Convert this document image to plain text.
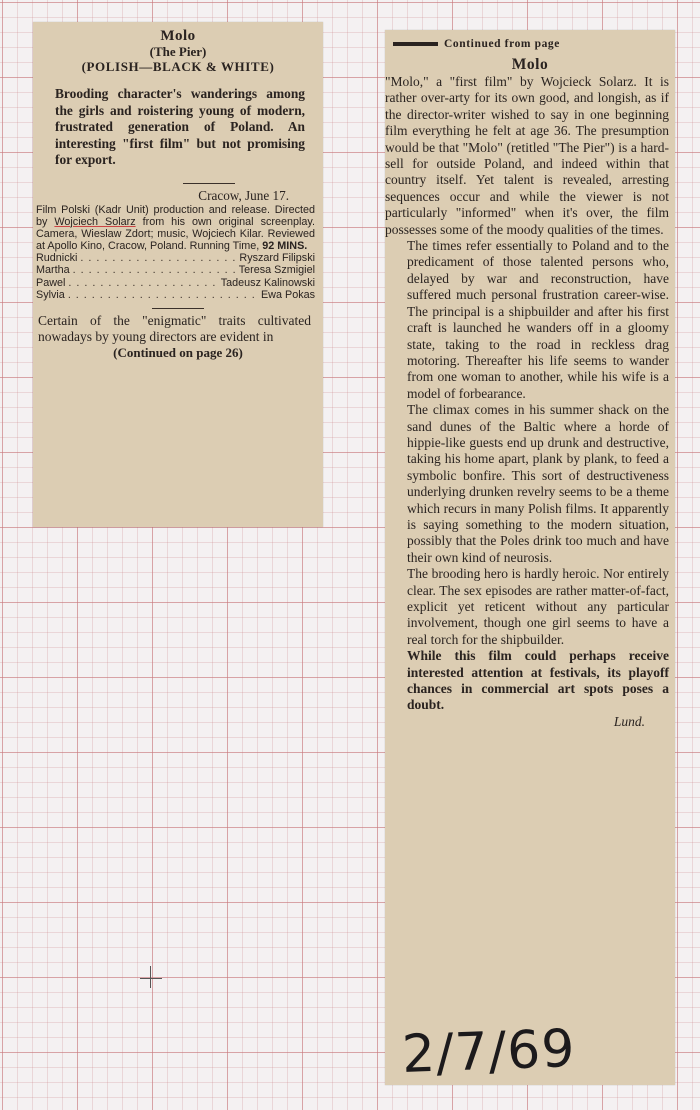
Molo
(The Pier)
(POLISH—BLACK & WHITE)
Brooding character's wanderings among the girls and roistering young of modern, frustrated generation of Poland. An interesting "first film" but not promising for export.
Cracow, June 17.
Film Polski (Kadr Unit) production and release. Directed by Wojciech Solarz from his own original screenplay. Camera, Wieslaw Zdort; music, Wojciech Kilar. Reviewed at Apollo Kino, Cracow, Poland. Running Time, 92 MINS.
Rudnicki . . .	Ryszard Filipski
Martha . . .	Teresa Szmigiel
Pawel . . .	Tadeusz Kalinowski
Sylvia . . .	Ewa Pokas
Certain of the "enigmatic" traits cultivated nowadays by young directors are evident in
(Continued on page 26)
Continued from page
Molo

"Molo," a "first film" by Wojcieck Solarz. It is rather over-arty for its own good, and longish, as if the director-writer wished to say in one beginning film everything he felt at age 36. The presumption would be that "Molo" (retitled "The Pier") is a hard-sell for outside Poland, and indeed within that country itself. Yet talent is revealed, arresting sequences occur and while the viewer is not particularly "informed" when it's over, the film possesses some of the moody qualities of the times.

The times refer essentially to Poland and to the predicament of those talented persons who, delayed by war and reconstruction, have suffered much personal frustration career-wise. The principal is a shipbuilder and after his first craft is launched he wanders off in a gloomy state, taking to the road in reckless drag motoring. Thereafter his life seems to wander from one woman to another, while his wife is a model of forbearance.

The climax comes in his summer shack on the sand dunes of the Baltic where a horde of hippie-like guests end up drunk and destructive, taking his home apart, plank by plank, to feed a symbolic bonfire. This sort of destructiveness underlying drunken revelry seems to be a theme which recurs in many Polish films. It apparently is saying something to the modern situation, possibly that the Poles drink too much and have their own kind of neurosis.

The brooding hero is hardly heroic. Nor entirely clear. The sex episodes are rather matter-of-fact, explicit yet reticent without any particular involvement, though one girl seems to have a real torch for the shipbuilder.

While this film could perhaps receive interested attention at festivals, its playoff chances in commercial art spots poses a doubt.

Lund.
2/7/69
